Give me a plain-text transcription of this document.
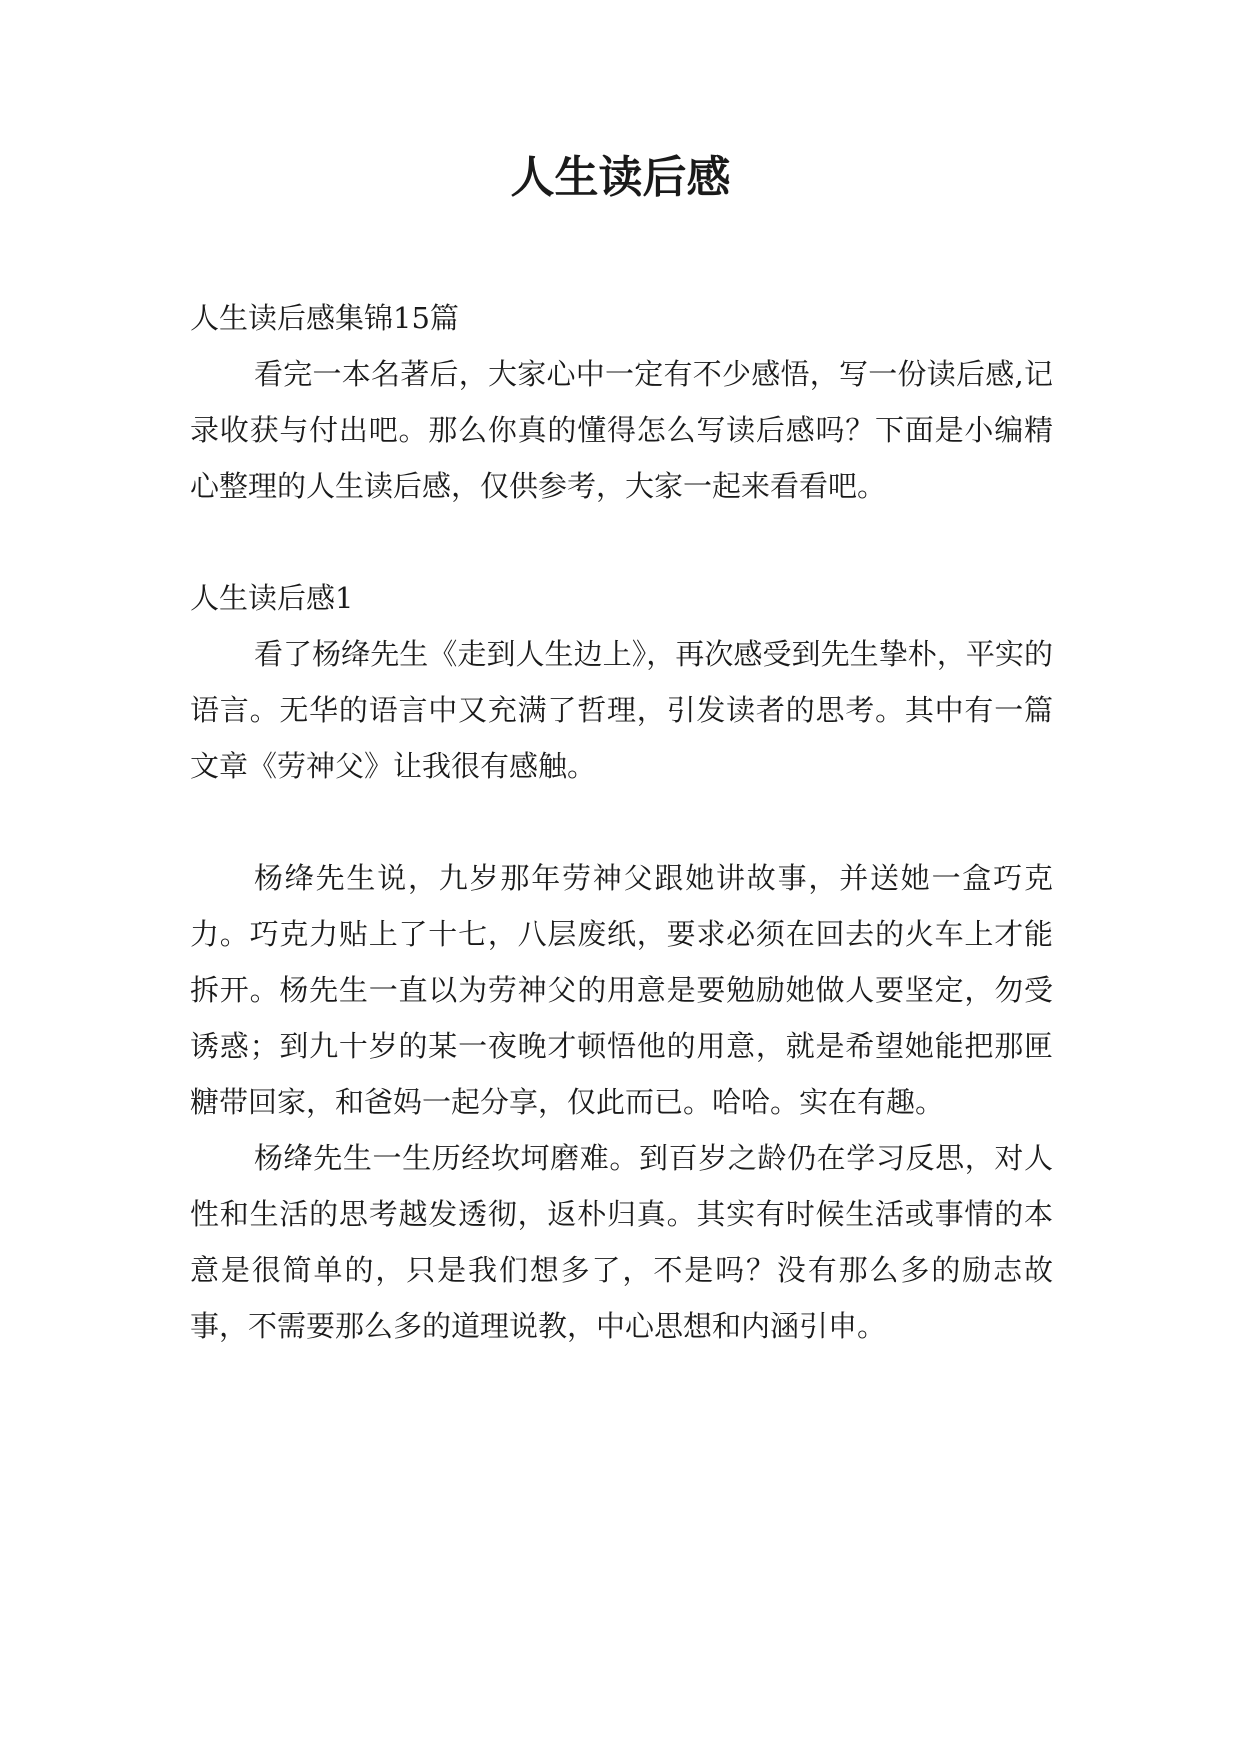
人生读后感

人生读后感集锦15篇

看完一本名著后，大家心中一定有不少感悟，写一份读后感,记录收获与付出吧。那么你真的懂得怎么写读后感吗？下面是小编精心整理的人生读后感，仅供参考，大家一起来看看吧。

人生读后感1

看了杨绛先生《走到人生边上》，再次感受到先生挚朴，平实的语言。无华的语言中又充满了哲理，引发读者的思考。其中有一篇文章《劳神父》让我很有感触。

杨绛先生说，九岁那年劳神父跟她讲故事，并送她一盒巧克力。巧克力贴上了十七，八层废纸，要求必须在回去的火车上才能拆开。杨先生一直以为劳神父的用意是要勉励她做人要坚定，勿受诱惑；到九十岁的某一夜晚才顿悟他的用意，就是希望她能把那匣糖带回家，和爸妈一起分享，仅此而已。哈哈。实在有趣。

杨绛先生一生历经坎坷磨难。到百岁之龄仍在学习反思，对人性和生活的思考越发透彻，返朴归真。其实有时候生活或事情的本意是很简单的，只是我们想多了，不是吗？没有那么多的励志故事，不需要那么多的道理说教，中心思想和内涵引申。
